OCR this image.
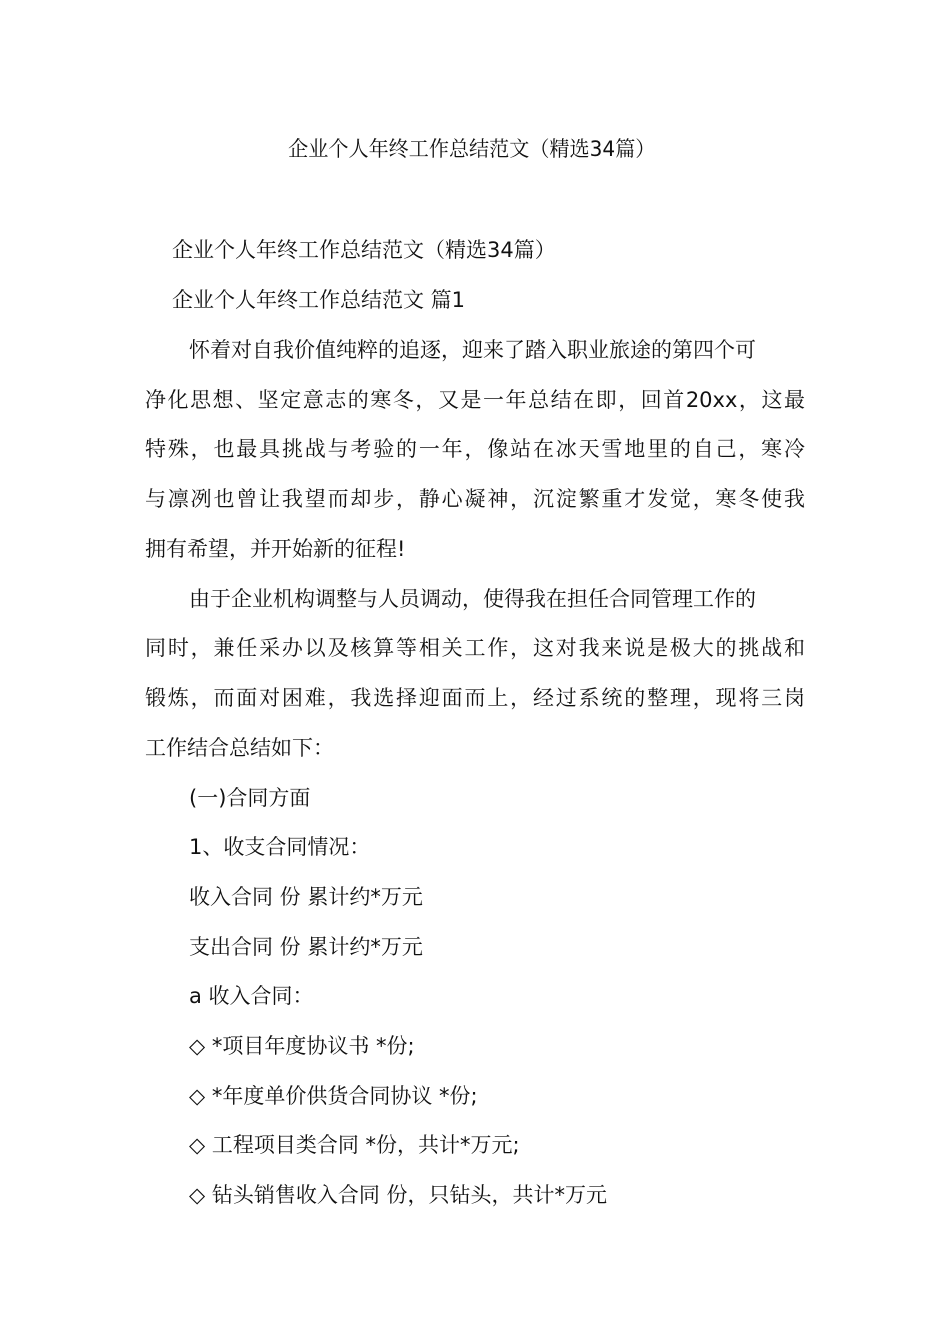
企业个人年终工作总结范文（精选34篇）
企业个人年终工作总结范文（精选34篇）
企业个人年终工作总结范文 篇1
怀着对自我价值纯粹的追逐，迎来了踏入职业旅途的第四个可
净化思想、坚定意志的寒冬，又是一年总结在即，回首20xx，这最
特殊，也最具挑战与考验的一年，像站在冰天雪地里的自己，寒冷
与凛冽也曾让我望而却步，静心凝神，沉淀繁重才发觉，寒冬使我
拥有希望，并开始新的征程!
由于企业机构调整与人员调动，使得我在担任合同管理工作的
同时，兼任采办以及核算等相关工作，这对我来说是极大的挑战和
锻炼，而面对困难，我选择迎面而上，经过系统的整理，现将三岗
工作结合总结如下：
(一)合同方面
1、收支合同情况：
收入合同 份 累计约*万元
支出合同 份 累计约*万元
a 收入合同：
◇ *项目年度协议书 *份;
◇ *年度单价供货合同协议 *份;
◇ 工程项目类合同 *份，共计*万元;
◇ 钻头销售收入合同 份，只钻头，共计*万元
